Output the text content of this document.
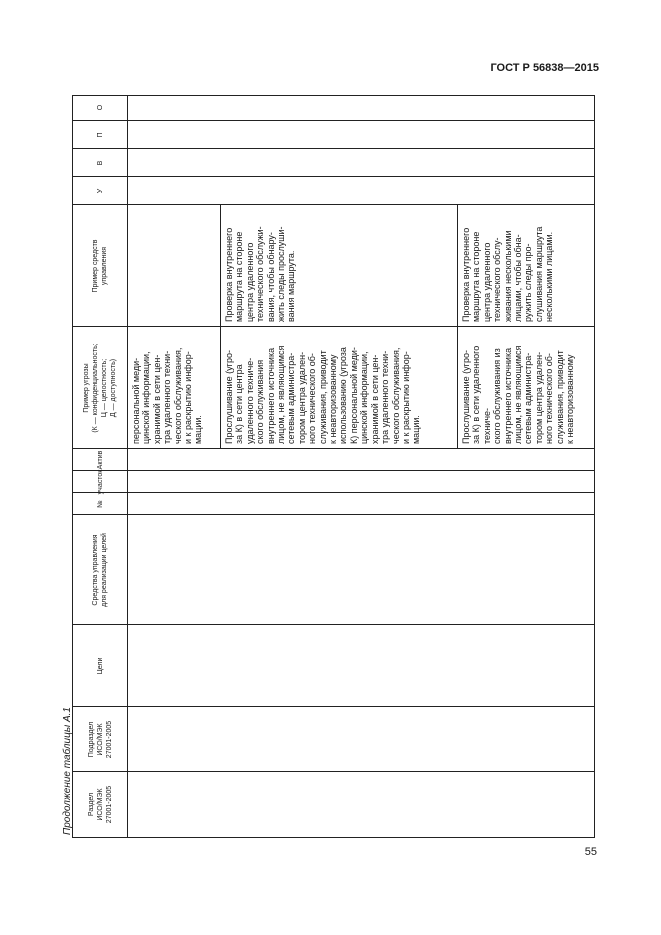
ГОСТ Р 56838—2015
Продолжение таблицы А.1 Раздел ИСО/МЭК 27001-2005
Подраздел ИСО/МЭК 27001-2005
Цели
Средства управления для реализации целей
№
участок
Актив
Пример угрозы (К — конфиденциальность; Ц — целостность; Д — доступность)
Пример средств управления
У
В
П
О
персональной меди-
цинской информации,
хранимой в сети цен-
тра удаленного техни-
ческого обслуживания,
и к раскрытию инфор-
мации. Прослушивание (угро-
за К) в сети центра
удаленного техниче-
ского обслуживания
внутреннего источника
лицом, не являющимся
сетевым администра-
тором центра удален-
ного технического об-
служивания, приводит
к неавторизованному
использованию (угроза
К) персональной меди-
цинской информации,
хранимой в сети цен-
тра удаленного техни-
ческого обслуживания,
и к раскрытию инфор-
мации.
Проверка внутреннего
маршрута на стороне
центра удаленного
технического обслужи-
вания, чтобы обнару-
жить следы прослуши-
вания маршрута.
Прослушивание (угро-
за К) в сети удаленного
техниче-
ского обслуживания из
внутреннего источника
лицом, не являющимся
сетевым администра-
тором центра удален-
ного технического об-
служивания, приводит
к неавторизованному
Проверка внутреннего
маршрута на стороне
центра удаленного
технического обслу-
живания несколькими
лицами, чтобы обна-
ружить следы про-
слушивания маршрута
несколькими лицами.
55
